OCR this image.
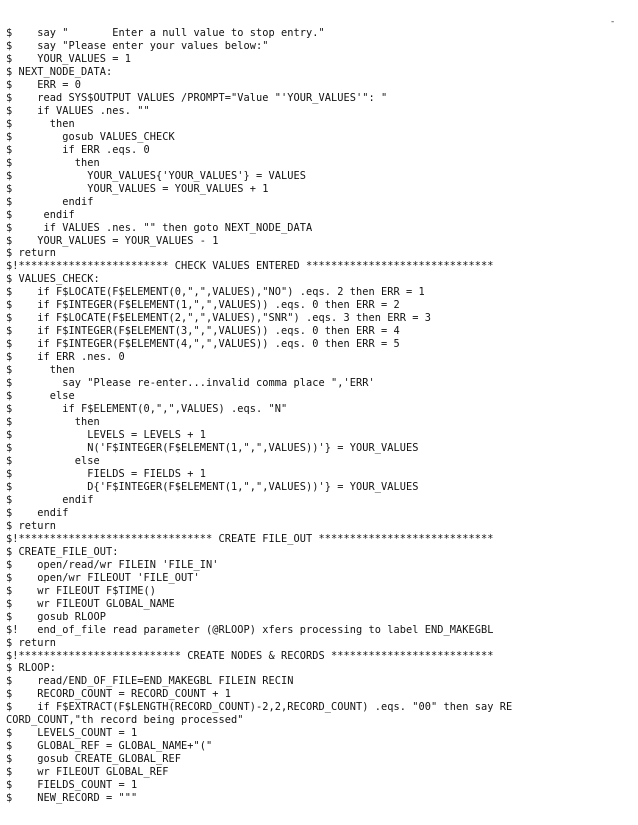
-
$    say "       Enter a null value to stop entry."
$    say "Please enter your values below:"
$    YOUR_VALUES = 1
$ NEXT_NODE_DATA:
$    ERR = 0
$    read SYS$OUTPUT VALUES /PROMPT="Value "'YOUR_VALUES'": "
$    if VALUES .nes. ""
$      then
$        gosub VALUES_CHECK
$        if ERR .eqs. 0
$          then
$            YOUR_VALUES{'YOUR_VALUES'} = VALUES
$            YOUR_VALUES = YOUR_VALUES + 1
$        endif
$     endif
$     if VALUES .nes. "" then goto NEXT_NODE_DATA
$    YOUR_VALUES = YOUR_VALUES - 1
$ return
$!************************ CHECK VALUES ENTERED ******************************
$ VALUES_CHECK:
$    if F$LOCATE(F$ELEMENT(0,",",VALUES),"NO") .eqs. 2 then ERR = 1
$    if F$INTEGER(F$ELEMENT(1,",",VALUES)) .eqs. 0 then ERR = 2
$    if F$LOCATE(F$ELEMENT(2,",",VALUES),"SNR") .eqs. 3 then ERR = 3
$    if F$INTEGER(F$ELEMENT(3,",",VALUES)) .eqs. 0 then ERR = 4
$    if F$INTEGER(F$ELEMENT(4,",",VALUES)) .eqs. 0 then ERR = 5
$    if ERR .nes. 0
$      then
$        say "Please re-enter...invalid comma place ",'ERR'
$      else
$        if F$ELEMENT(0,",",VALUES) .eqs. "N"
$          then
$            LEVELS = LEVELS + 1
$            N('F$INTEGER(F$ELEMENT(1,",",VALUES))'} = YOUR_VALUES
$          else
$            FIELDS = FIELDS + 1
$            D{'F$INTEGER(F$ELEMENT(1,",",VALUES))'} = YOUR_VALUES
$        endif
$    endif
$ return
$!******************************* CREATE FILE_OUT ****************************
$ CREATE_FILE_OUT:
$    open/read/wr FILEIN 'FILE_IN'
$    open/wr FILEOUT 'FILE_OUT'
$    wr FILEOUT F$TIME()
$    wr FILEOUT GLOBAL_NAME
$    gosub RLOOP
$!   end_of_file read parameter (@RLOOP) xfers processing to label END_MAKEGBL
$ return
$!************************** CREATE NODES & RECORDS **************************
$ RLOOP:
$    read/END_OF_FILE=END_MAKEGBL FILEIN RECIN
$    RECORD_COUNT = RECORD_COUNT + 1
$    if F$EXTRACT(F$LENGTH(RECORD_COUNT)-2,2,RECORD_COUNT) .eqs. "00" then say RE
CORD_COUNT,"th record being processed"
$    LEVELS_COUNT = 1
$    GLOBAL_REF = GLOBAL_NAME+"("
$    gosub CREATE_GLOBAL_REF
$    wr FILEOUT GLOBAL_REF
$    FIELDS_COUNT = 1
$    NEW_RECORD = """
